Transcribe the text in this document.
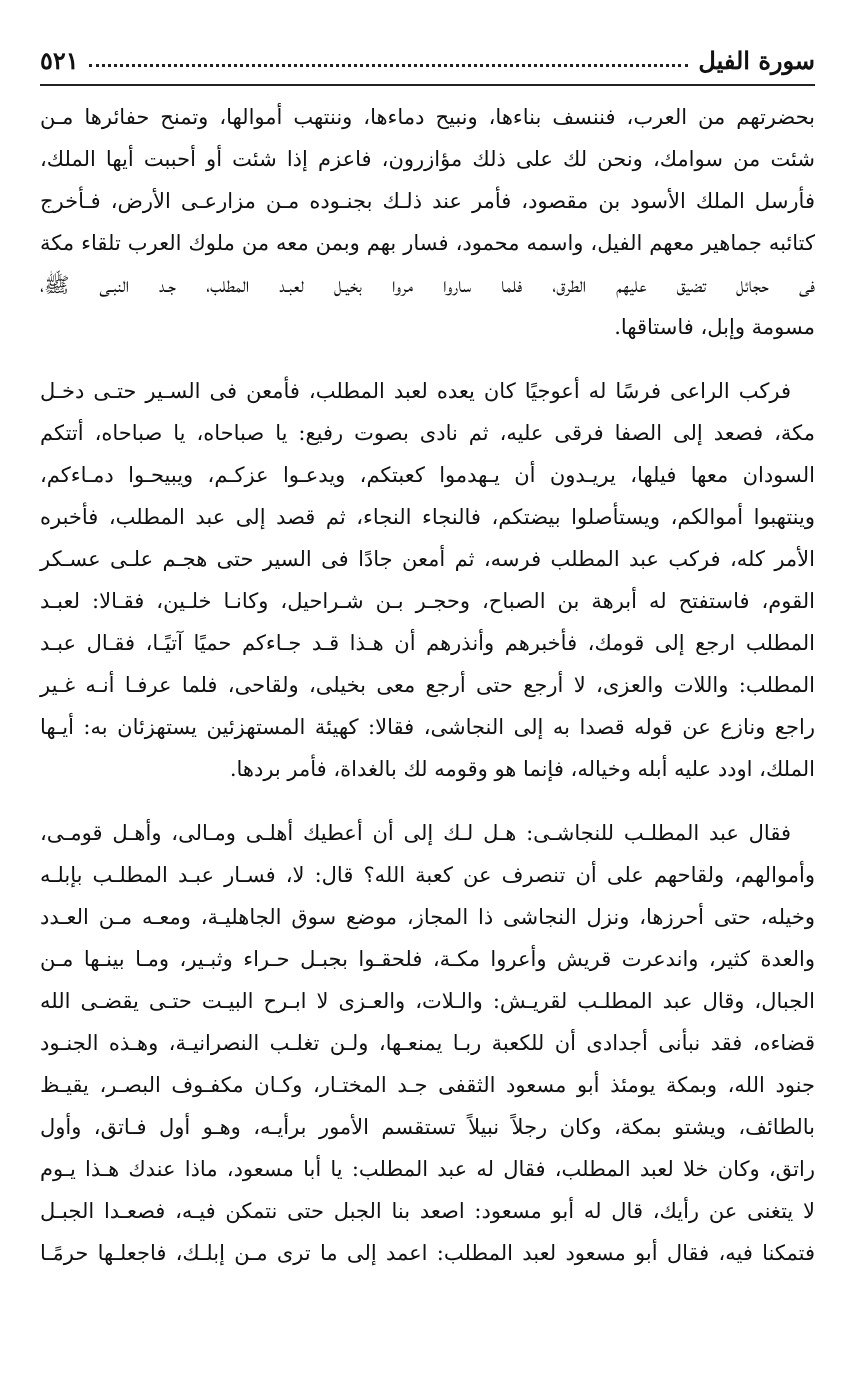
سورة الفيل
٥٢١
بحضرتهم من العرب، فننسف بناءها، ونبيح دماءها، وننتهب أموالها، وتمنح حفائرها مـن
شئت من سوامك، ونحن لك على ذلك مؤازرون، فاعزم إذا شئت أو أحببت أيها الملك،
فأرسل الملك الأسود بن مقصود، فأمر عند ذلـك بجنـوده مـن مزارعـى الأرض، فـأخرج
كتائبه جماهير معهم الفيل، واسمه محمود، فسار بهم وبمن معه من ملوك العرب تلقاء مكة
فى حجائل تضيق عليهم الطرق، فلما ساروا مروا بخيـل لعبـد المطلب، جـد النبـى ﷺ،
مسومة وإبل، فاستاقها.
فركب الراعى فرسًا له أعوجيًا كان يعده لعبد المطلب، فأمعن فى السـير حتـى دخـل
مكة، فصعد إلى الصفا فرقى عليه، ثم نادى بصوت رفيع: يا صباحاه، يا صباحاه، أتتكم
السودان معها فيلها، يريـدون أن يـهدموا كعبتكم، ويدعـوا عزكـم، ويبيحـوا دمـاءكم،
وينتهبوا أموالكم، ويستأصلوا بيضتكم، فالنجاء النجاء، ثم قصد إلى عبد المطلب، فأخبره
الأمر كله، فركب عبد المطلب فرسه، ثم أمعن جادًا فى السير حتى هجـم علـى عسـكر
القوم، فاستفتح له أبرهة بن الصباح، وحجـر بـن شـراحيل، وكانـا خلـين، فقـالا: لعبـد
المطلب ارجع إلى قومك، فأخبرهم وأنذرهم أن هـذا قـد جـاءكم حميًا آتيًـا، فقـال عبـد
المطلب: واللات والعزى، لا أرجع حتى أرجع معى بخيلى، ولقاحى، فلما عرفـا أنـه غـير
راجع ونازع عن قوله قصدا به إلى النجاشى، فقالا: كهيئة المستهزئين يستهزئان به: أيـها
الملك، اودد عليه أبله وخياله، فإنما هو وقومه لك بالغداة، فأمر بردها.
فقال عبد المطلـب للنجاشـى: هـل لـك إلى أن أعطيك أهلـى ومـالى، وأهـل قومـى،
وأموالهم، ولقاحهم على أن تنصرف عن كعبة الله؟ قال: لا، فسـار عبـد المطلـب بإبلـه
وخيله، حتى أحرزها، ونزل النجاشى ذا المجاز، موضع سوق الجاهليـة، ومعـه مـن العـدد
والعدة كثير، واندعرت قريش وأعروا مكـة، فلحقـوا بجبـل حـراء وثبـير، ومـا بينـها مـن
الجبال، وقال عبد المطلـب لقريـش: والـلات، والعـزى لا ابـرح البيـت حتـى يقضـى الله
قضاءه، فقد نبأنى أجدادى أن للكعبة ربـا يمنعـها، ولـن تغلـب النصرانيـة، وهـذه الجنـود
جنود الله، وبمكة يومئذ أبو مسعود الثقفى جـد المختـار، وكـان مكفـوف البصـر، يقيـظ
بالطائف، ويشتو بمكة، وكان رجلاً نبيلاً تستقسم الأمور برأيـه، وهـو أول فـاتق، وأول
راتق، وكان خلا لعبد المطلب، فقال له عبد المطلب: يا أبا مسعود، ماذا عندك هـذا يـوم
لا يتغنى عن رأيك، قال له أبو مسعود: اصعد بنا الجبل حتى نتمكن فيـه، فصعـدا الجبـل
فتمكنا فيه، فقال أبو مسعود لعبد المطلب: اعمد إلى ما ترى مـن إبلـك، فاجعلـها حرمًـا
